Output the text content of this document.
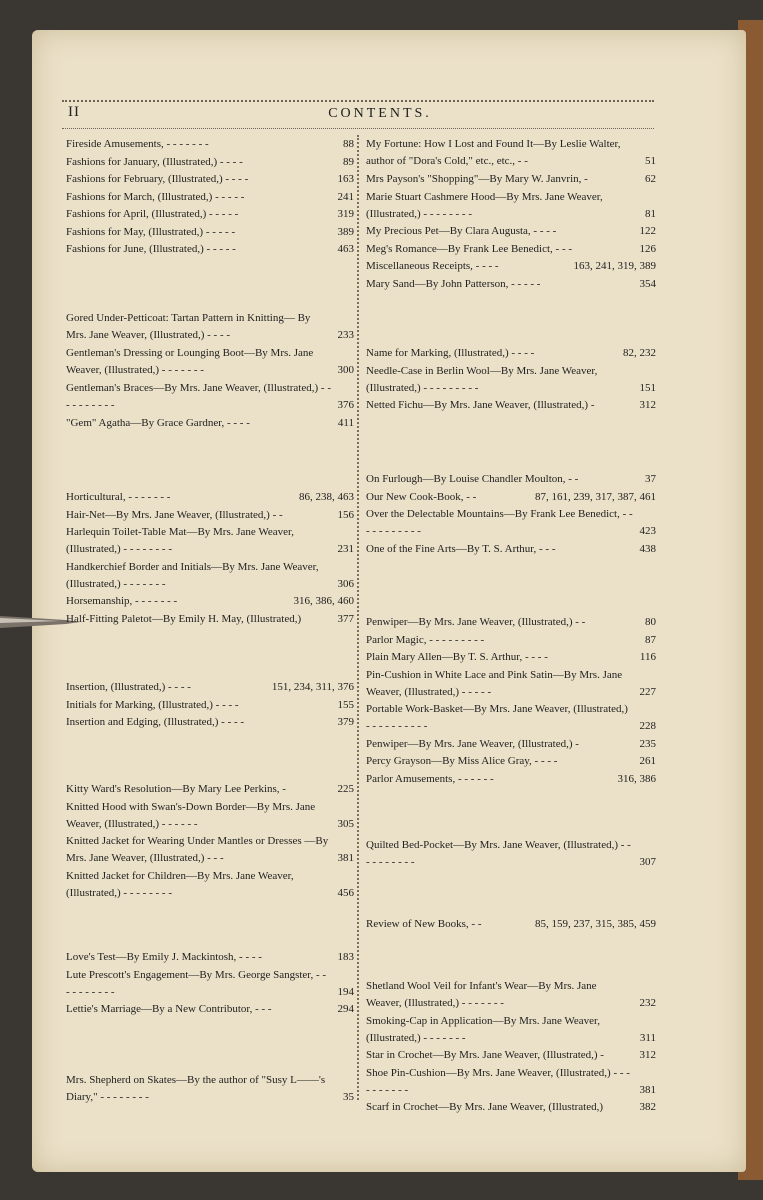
II	CONTENTS.
Fireside Amusements, - - - - - - -	88
Fashions for January, (Illustrated,) - - - -	89
Fashions for February, (Illustrated,) - - - -	163
Fashions for March, (Illustrated,) - - - - -	241
Fashions for April, (Illustrated,) - - - - -	319
Fashions for May, (Illustrated,) - - - - -	389
Fashions for June, (Illustrated,) - - - - -	463
Gored Under-Petticoat: Tartan Pattern in Knitting— By Mrs. Jane Weaver, (Illustrated,) - - - -	233
Gentleman's Dressing or Lounging Boot—By Mrs. Jane Weaver, (Illustrated,) - - - - - - -	300
Gentleman's Braces—By Mrs. Jane Weaver, (Illustrated,) - - - - - - - - - -	376
"Gem" Agatha—By Grace Gardner, - - - -	411
Horticultural, - - - - - - -	86, 238, 463
Hair-Net—By Mrs. Jane Weaver, (Illustrated,) - -	156
Harlequin Toilet-Table Mat—By Mrs. Jane Weaver, (Illustrated,) - - - - - - - -	231
Handkerchief Border and Initials—By Mrs. Jane Weaver, (Illustrated,) - - - - - - -	306
Horsemanship, - - - - - - -	316, 386, 460
Half-Fitting Paletot—By Emily H. May, (Illustrated,)	377
Insertion, (Illustrated,) - - - -	151, 234, 311, 376
Initials for Marking, (Illustrated,) - - - -	155
Insertion and Edging, (Illustrated,) - - - -	379
Kitty Ward's Resolution—By Mary Lee Perkins, -	225
Knitted Hood with Swan's-Down Border—By Mrs. Jane Weaver, (Illustrated,) - - - - - -	305
Knitted Jacket for Wearing Under Mantles or Dresses —By Mrs. Jane Weaver, (Illustrated,) - - -	381
Knitted Jacket for Children—By Mrs. Jane Weaver, (Illustrated,) - - - - - - - -	456
Love's Test—By Emily J. Mackintosh, - - - -	183
Lute Prescott's Engagement—By Mrs. George Sangster, - - - - - - - - - -	194
Lettie's Marriage—By a New Contributor, - - -	294
Mrs. Shepherd on Skates—By the author of "Susy L——'s Diary," - - - - - - - -	35
My Fortune: How I Lost and Found It—By Leslie Walter, author of "Dora's Cold," etc., etc., - -	51
Mrs Payson's "Shopping"—By Mary W. Janvrin, -	62
Marie Stuart Cashmere Hood—By Mrs. Jane Weaver, (Illustrated,) - - - - - - - -	81
My Precious Pet—By Clara Augusta, - - - -	122
Meg's Romance—By Frank Lee Benedict, - - -	126
Miscellaneous Receipts, - - - -	163, 241, 319, 389
Mary Sand—By John Patterson, - - - - -	354
Name for Marking, (Illustrated,) - - - -	82, 232
Needle-Case in Berlin Wool—By Mrs. Jane Weaver, (Illustrated,) - - - - - - - - -	151
Netted Fichu—By Mrs. Jane Weaver, (Illustrated,) -	312
On Furlough—By Louise Chandler Moulton, - -	37
Our New Cook-Book, - -	87, 161, 239, 317, 387, 461
Over the Delectable Mountains—By Frank Lee Benedict, - - - - - - - - - - -	423
One of the Fine Arts—By T. S. Arthur, - - -	438
Penwiper—By Mrs. Jane Weaver, (Illustrated,) - -	80
Parlor Magic, - - - - - - - - -	87
Plain Mary Allen—By T. S. Arthur, - - - -	116
Pin-Cushion in White Lace and Pink Satin—By Mrs. Jane Weaver, (Illustrated,) - - - - -	227
Portable Work-Basket—By Mrs. Jane Weaver, (Illustrated,) - - - - - - - - - -	228
Penwiper—By Mrs. Jane Weaver, (Illustrated,) -	235
Percy Grayson—By Miss Alice Gray, - - - -	261
Parlor Amusements, - - - - - -	316, 386
Quilted Bed-Pocket—By Mrs. Jane Weaver, (Illustrated,) - - - - - - - - - -	307
Review of New Books, - -	85, 159, 237, 315, 385, 459
Shetland Wool Veil for Infant's Wear—By Mrs. Jane Weaver, (Illustrated,) - - - - - - -	232
Smoking-Cap in Application—By Mrs. Jane Weaver, (Illustrated,) - - - - - - -	311
Star in Crochet—By Mrs. Jane Weaver, (Illustrated,) -	312
Shoe Pin-Cushion—By Mrs. Jane Weaver, (Illustrated,) - - - - - - - - - -	381
Scarf in Crochet—By Mrs. Jane Weaver, (Illustrated,)	382
